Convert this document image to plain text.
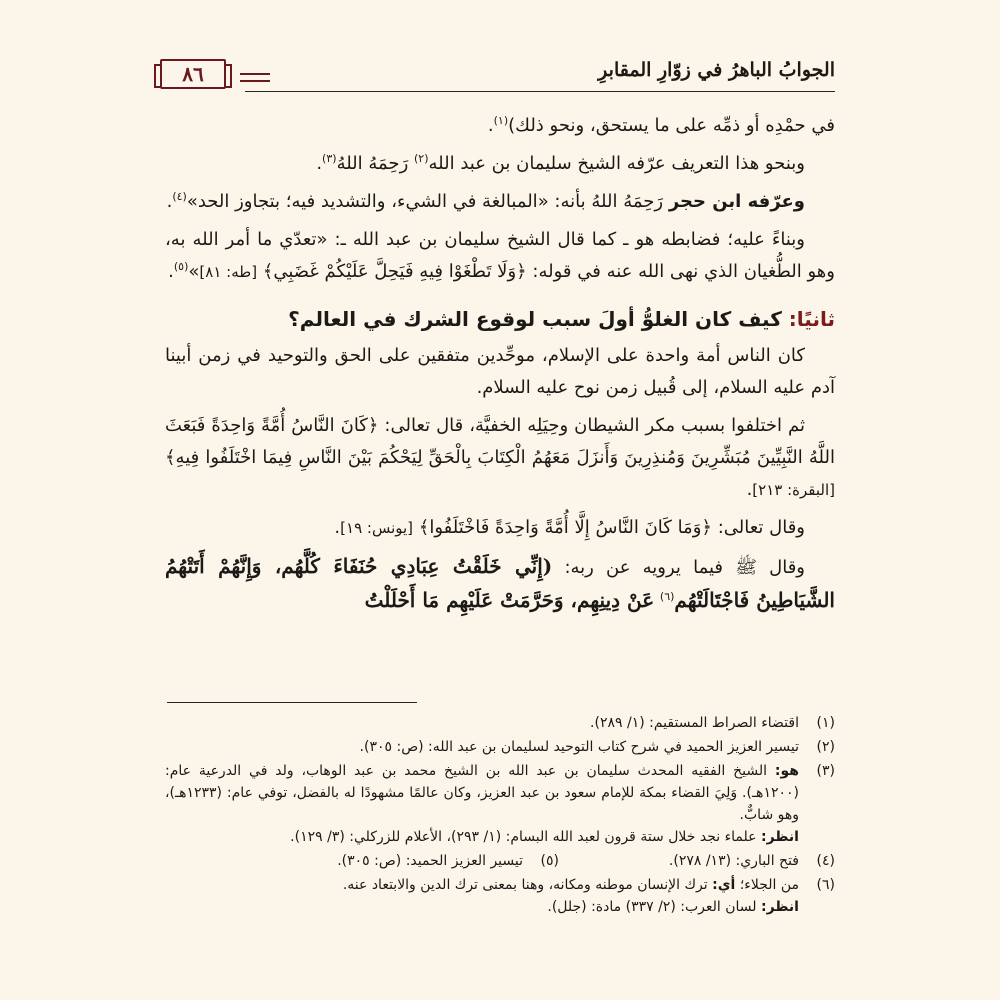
الجوابُ الباهرُ في زوّارِ المقابرِ
٨٦

في حمْدِه أو ذمِّه على ما يستحق، ونحو ذلك)$^{(١)}$.

وبنحو هذا التعريف عرّفه الشيخ سليمان بن عبد الله$^{(٢)}$ رَحِمَهُ اللهُ$^{(٣)}$.

وعرّفه ابن حجر رَحِمَهُ اللهُ بأنه: «المبالغة في الشيء، والتشديد فيه؛ بتجاوز الحد»$^{(٤)}$.

وبناءً عليه؛ فضابطه هو ـ كما قال الشيخ سليمان بن عبد الله ـ: «تعدّي ما أمر الله به، وهو الطُّغيان الذي نهى الله عنه في قوله: ﴿وَلَا تَطْغَوْا فِيهِ فَيَحِلَّ عَلَيْكُمْ غَضَبِي﴾ [طه: ٨١]»$^{(٥)}$.

ثانيًا: كيف كان الغلوُّ أولَ سبب لوقوع الشرك في العالم؟

كان الناس أمة واحدة على الإسلام، موحِّدين متفقين على الحق والتوحيد في زمن أبينا آدم عليه السلام، إلى قُبيل زمن نوح عليه السلام.

ثم اختلفوا بسبب مكر الشيطان وحِيَلِه الخفيَّة، قال تعالى: ﴿كَانَ النَّاسُ أُمَّةً وَاحِدَةً فَبَعَثَ اللَّهُ النَّبِيِّينَ مُبَشِّرِينَ وَمُنذِرِينَ وَأَنزَلَ مَعَهُمُ الْكِتَابَ بِالْحَقِّ لِيَحْكُمَ بَيْنَ النَّاسِ فِيمَا اخْتَلَفُوا فِيهِ﴾ [البقرة: ٢١٣].

وقال تعالى: ﴿وَمَا كَانَ النَّاسُ إِلَّا أُمَّةً وَاحِدَةً فَاخْتَلَفُوا﴾ [يونس: ١٩].

وقال ﷺ فيما يرويه عن ربه: (إِنِّي خَلَقْتُ عِبَادِي حُنَفَاءَ كُلَّهُم، وَإِنَّهُمْ أَتَتْهُمُ الشَّيَاطِينُ فَاجْتَالَتْهُم$^{(٦)}$ عَنْ دِينِهِم، وَحَرَّمَتْ عَلَيْهِم مَا أَحْلَلْتُ

(١)
اقتضاء الصراط المستقيم: (١/ ٢٨٩).
(٢)
تيسير العزيز الحميد في شرح كتاب التوحيد لسليمان بن عبد الله: (ص: ٣٠٥).
(٣)
هو: الشيخ الفقيه المحدث سليمان بن عبد الله بن الشيخ محمد بن عبد الوهاب، ولد في الدرعية عام: (١٢٠٠هـ). وَلِيَ القضاء بمكة للإمام سعود بن عبد العزيز، وكان عالمًا مشهودًا له بالفضل، توفي عام: (١٢٣٣هـ)، وهو شابٌّ.
انظر: علماء نجد خلال ستة قرون لعبد الله البسام: (١/ ٢٩٣)، الأعلام للزركلي: (٣/ ١٢٩).
(٤)
فتح الباري: (١٣/ ٢٧٨).
(٥)
تيسير العزيز الحميد: (ص: ٣٠٥).
(٦)
من الجلاء؛ أي: ترك الإنسان موطنه ومكانه، وهنا بمعنى ترك الدين والابتعاد عنه.
انظر: لسان العرب: (٢/ ٣٣٧) مادة: (جلل).
